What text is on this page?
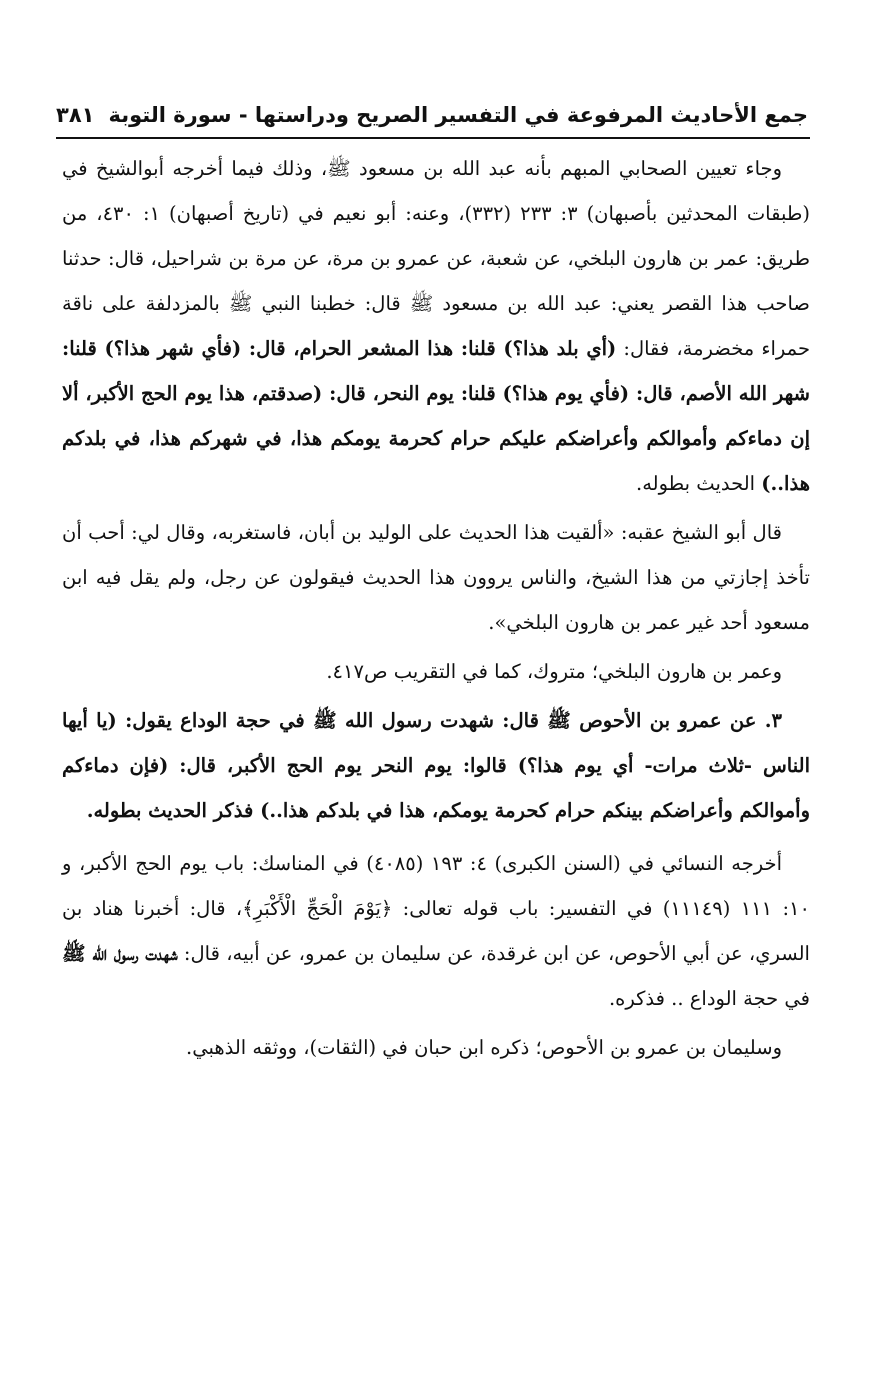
جمع الأحاديث المرفوعة في التفسير الصريح ودراستها - سورة التوبة
٣٨١

وجاء تعيين الصحابي المبهم بأنه عبد الله بن مسعود ﷺ، وذلك فيما أخرجه أبوالشيخ في (طبقات المحدثين بأصبهان) ٣: ٢٣٣ (٣٣٢)، وعنه: أبو نعيم في (تاريخ أصبهان) ١: ٤٣٠، من طريق: عمر بن هارون البلخي، عن شعبة، عن عمرو بن مرة، عن مرة بن شراحيل، قال: حدثنا صاحب هذا القصر يعني: عبد الله بن مسعود ﷺ قال: خطبنا النبي ﷺ بالمزدلفة على ناقة حمراء مخضرمة، فقال: (أي بلد هذا؟) قلنا: هذا المشعر الحرام، قال: (فأي شهر هذا؟) قلنا: شهر الله الأصم، قال: (فأي يوم هذا؟) قلنا: يوم النحر، قال: (صدقتم، هذا يوم الحج الأكبر، ألا إن دماءكم وأموالكم وأعراضكم عليكم حرام كحرمة يومكم هذا، في شهركم هذا، في بلدكم هذا..) الحديث بطوله.

قال أبو الشيخ عقبه: «ألقيت هذا الحديث على الوليد بن أبان، فاستغربه، وقال لي: أحب أن تأخذ إجازتي من هذا الشيخ، والناس يروون هذا الحديث فيقولون عن رجل، ولم يقل فيه ابن مسعود أحد غير عمر بن هارون البلخي».

وعمر بن هارون البلخي؛ متروك، كما في التقريب ص٤١٧.

٣. عن عمرو بن الأحوص ﷺ قال: شهدت رسول الله ﷺ في حجة الوداع يقول: (يا أيها الناس -ثلاث مرات- أي يوم هذا؟) قالوا: يوم النحر يوم الحج الأكبر، قال: (فإن دماءكم وأموالكم وأعراضكم بينكم حرام كحرمة يومكم، هذا في بلدكم هذا..) فذكر الحديث بطوله.

أخرجه النسائي في (السنن الكبرى) ٤: ١٩٣ (٤٠٨٥) في المناسك: باب يوم الحج الأكبر، و ١٠: ١١١ (١١١٤٩) في التفسير: باب قوله تعالى: ﴿يَوْمَ الْحَجِّ الْأَكْبَرِ﴾، قال: أخبرنا هناد بن السري، عن أبي الأحوص، عن ابن غرقدة، عن سليمان بن عمرو، عن أبيه، قال: شهدت رسول الله ﷺ في حجة الوداع .. فذكره.

وسليمان بن عمرو بن الأحوص؛ ذكره ابن حبان في (الثقات)، ووثقه الذهبي.
